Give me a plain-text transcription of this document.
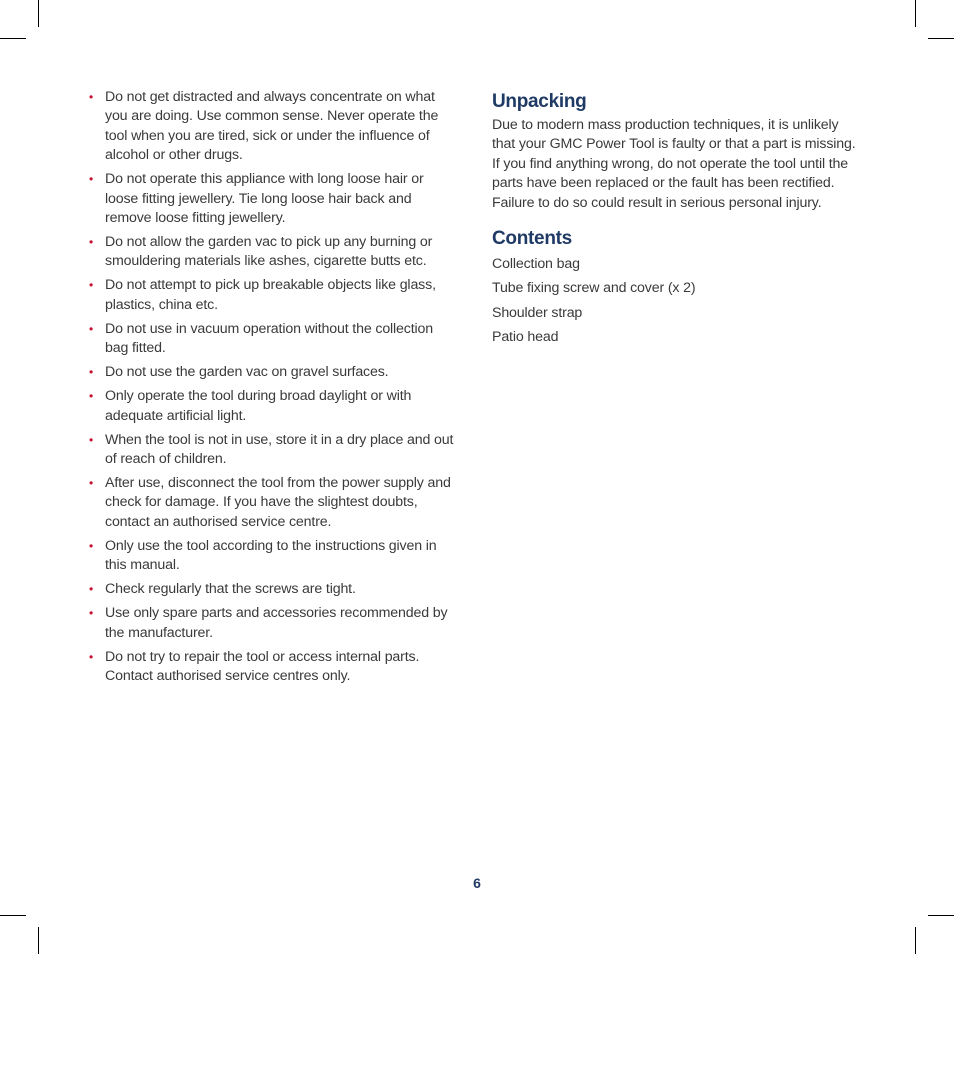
• Do not get distracted and always concentrate on what you are doing. Use common sense. Never operate the tool when you are tired, sick or under the influence of alcohol or other drugs.
• Do not operate this appliance with long loose hair or loose fitting jewellery. Tie long loose hair back and remove loose fitting jewellery.
• Do not allow the garden vac to pick up any burning or smouldering materials like ashes, cigarette butts etc.
• Do not attempt to pick up breakable objects like glass, plastics, china etc.
• Do not use in vacuum operation without the collection bag fitted.
• Do not use the garden vac on gravel surfaces.
• Only operate the tool during broad daylight or with adequate artificial light.
• When the tool is not in use, store it in a dry place and out of reach of children.
• After use, disconnect the tool from the power supply and check for damage. If you have the slightest doubts, contact an authorised service centre.
• Only use the tool according to the instructions given in this manual.
• Check regularly that the screws are tight.
• Use only spare parts and accessories recommended by the manufacturer.
• Do not try to repair the tool or access internal parts. Contact authorised service centres only.
Unpacking

Due to modern mass production techniques, it is unlikely that your GMC Power Tool is faulty or that a part is missing. If you find anything wrong, do not operate the tool until the parts have been replaced or the fault has been rectified. Failure to do so could result in serious personal injury.

Contents
Collection bag
Tube fixing screw and cover (x 2)
Shoulder strap
Patio head
6
